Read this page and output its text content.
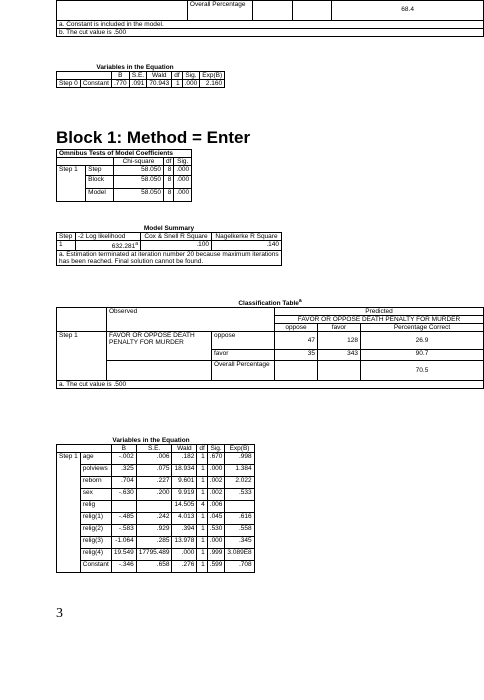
	Overall Percentage			68.4
a. Constant is included in the model.
b. The cut value is .500
Variables in the Equation
		B	S.E.	Wald	df	Sig.	Exp(B)
Step 0	Constant	.770	.091	70.943	1	.000	2.160
Block 1: Method = Enter
Omnibus Tests of Model Coefficients				
		Chi-square	df	Sig.
Step 1	Step	58.050	8	.000
	Block	58.050	8	.000
	Model	58.050	8	.000
Model Summary
Step	-2 Log likelihood	Cox & Snell R Square	Nagelkerke R Square
1	632.281$^a$	.100	.140
a. Estimation terminated at iteration number 20 because maximum iterations has been reached. Final solution cannot be found.			
Classification Table$^a$
	Observed		Predicted		
			FAVOR OR OPPOSE DEATH PENALTY FOR MURDER		
			oppose	favor	Percentage Correct
Step 1	FAVOR OR OPPOSE DEATH PENALTY FOR MURDER	oppose	47	128	26.9
		favor	35	343	90.7
		Overall Percentage			70.5
a. The cut value is .500					
Variables in the Equation
		B	S.E.	Wald	df	Sig.	Exp(B)
Step 1	age	-.002	.006	.182	1	.670	.998
	polviews	.325	.075	18.934	1	.000	1.384
	reborn	.704	.227	9.601	1	.002	2.022
	sex	-.630	.200	9.919	1	.002	.533
	relig			14.505	4	.006	
	relig(1)	-.485	.242	4.013	1	.045	.616
	relig(2)	-.583	.929	.394	1	.530	.558
	relig(3)	-1.064	.285	13.978	1	.000	.345
	relig(4)	19.549	17795.489	.000	1	.999	3.089E8
	Constant	-.346	.658	.276	1	.599	.708
3
